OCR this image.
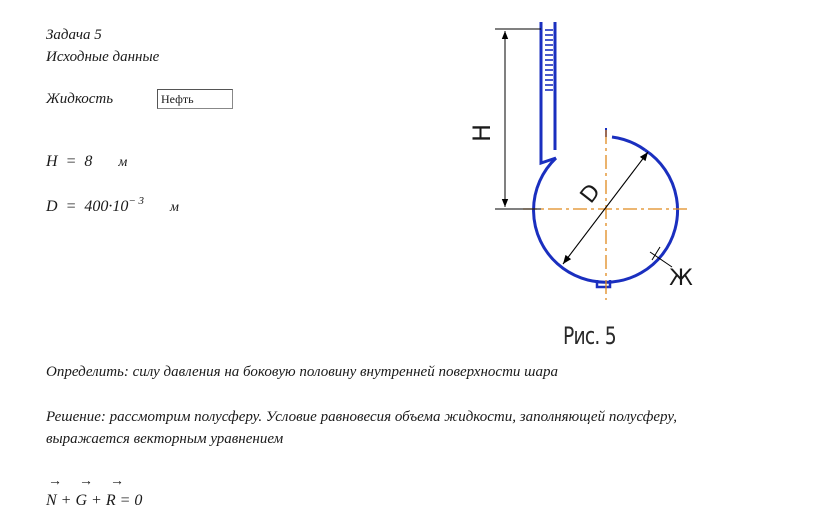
Задача 5
Исходные данные
Жидкость	Нефть
H = 8 м
$D = 400\cdot 10^{- 3}$ м
H
D
Ж
Рис. 5
Определить: силу давления на боковую половину внутренней поверхности шара
Решение: рассмотрим полусферу. Условие равновесия объема жидкости, заполняющей полусферу,
выражается векторным уравнением
→ → →
N + G + R = 0
